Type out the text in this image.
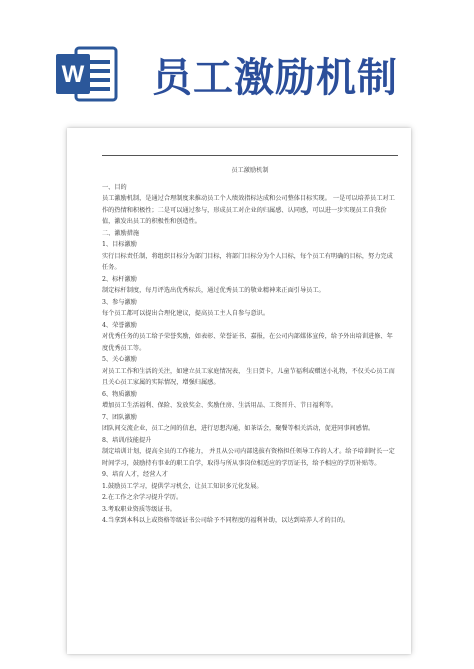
W 员工激励机制
员工激励机制

一、目的

员工激励机制，是通过合理制度来推动员工个人绩效指标达成和公司整体目标实现。 一是可以培养员工对工作的热情和积极性；二是可以通过参与，形成员工对企业的归属感、认同感，可以进一步实现员工自我价值，激发出员工的积极性和创造性。

二、激励措施

1、目标激励

实行目标责任制，将组织目标分为部门目标，将部门目标分为个人目标，每个员工有明确的目标，努力完成任务。

2、标杆激励

制定标杆制度，每月评选出优秀标兵，通过优秀员工的敬业精神来正面引导员工。

3、参与激励

每个员工都可以提出合理化建议，提高员工主人自参与意识。

4、荣誉激励

对优秀任务的员工给予荣誉奖励，如表彰、荣誉证书、嘉报，在公司内部媒体宣传，给予外出培训进修、年度优秀员工等。

5、关心激励

对员工工作和生活的关注，如建立员工家庭情况表， 生日贺卡，儿童节福利或赠送小礼物，不仅关心员工而且关心员工家属的实际情况，增强归属感。

6、物质激励

增加员工生活福利、保险、发放奖金、奖励住房、生活用品、工资晋升、节日福利等。

7、团队激励

团队间交流企业，员工之间的信息，进行思想沟通，如茶话会，聚餐等相关活动，促进同事间感情。

8、培训/技能提升

制定培训计划，提高全员的工作能力， 并且从公司内部选拔有资格担任领导工作的人才。给予培训时长一定时间学习，鼓励持有事业的职工自学，取得与所从事岗位相适应的学历证书，给予相应的学历补贴等。

9、培育人才，经营人才

1.鼓励员工学习，提供学习机会，让员工知识多元化发展。

2.在工作之余学习提升学历。

3.考取职业资质等级证书。

4.当拿到本科以上或资格等级证书公司给予不同程度的福利补助，以达到培养人才的目的。
